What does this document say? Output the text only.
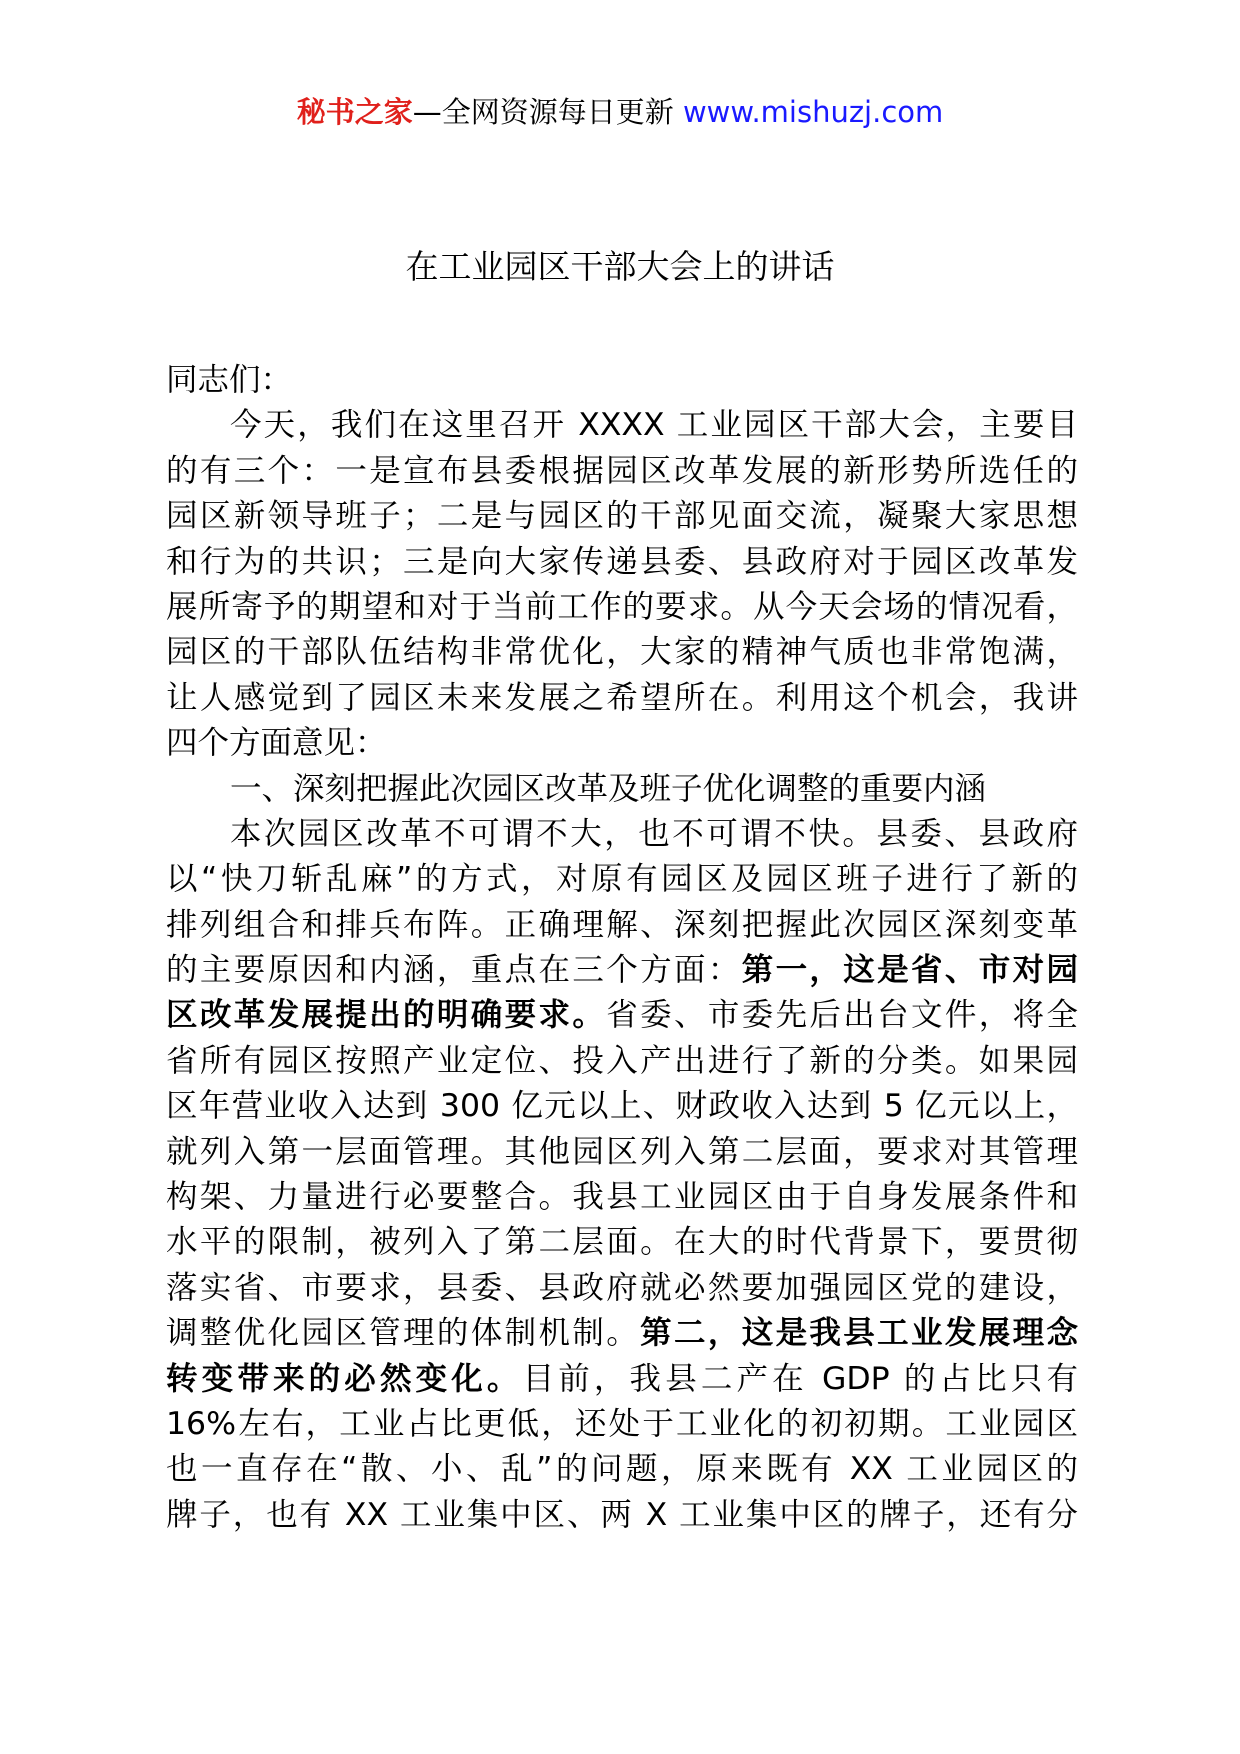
秘书之家—全网资源每日更新 www.mishuzj.com
在工业园区干部大会上的讲话
同志们：
今天，我们在这里召开 XXXX 工业园区干部大会，主要目
的有三个：一是宣布县委根据园区改革发展的新形势所选任的
园区新领导班子；二是与园区的干部见面交流，凝聚大家思想
和行为的共识；三是向大家传递县委、县政府对于园区改革发
展所寄予的期望和对于当前工作的要求。从今天会场的情况看，
园区的干部队伍结构非常优化，大家的精神气质也非常饱满，
让人感觉到了园区未来发展之希望所在。利用这个机会，我讲
四个方面意见：
一、深刻把握此次园区改革及班子优化调整的重要内涵
本次园区改革不可谓不大，也不可谓不快。县委、县政府
以“快刀斩乱麻”的方式，对原有园区及园区班子进行了新的
排列组合和排兵布阵。正确理解、深刻把握此次园区深刻变革
的主要原因和内涵，重点在三个方面：第一，这是省、市对园
区改革发展提出的明确要求。省委、市委先后出台文件，将全
省所有园区按照产业定位、投入产出进行了新的分类。如果园
区年营业收入达到 300 亿元以上、财政收入达到 5 亿元以上，
就列入第一层面管理。其他园区列入第二层面，要求对其管理
构架、力量进行必要整合。我县工业园区由于自身发展条件和
水平的限制，被列入了第二层面。在大的时代背景下，要贯彻
落实省、市要求，县委、县政府就必然要加强园区党的建设，
调整优化园区管理的体制机制。第二，这是我县工业发展理念
转变带来的必然变化。目前，我县二产在 GDP 的占比只有
16%左右，工业占比更低，还处于工业化的初初期。工业园区
也一直存在“散、小、乱”的问题，原来既有 XX 工业园区的
牌子，也有 XX 工业集中区、两 X 工业集中区的牌子，还有分
